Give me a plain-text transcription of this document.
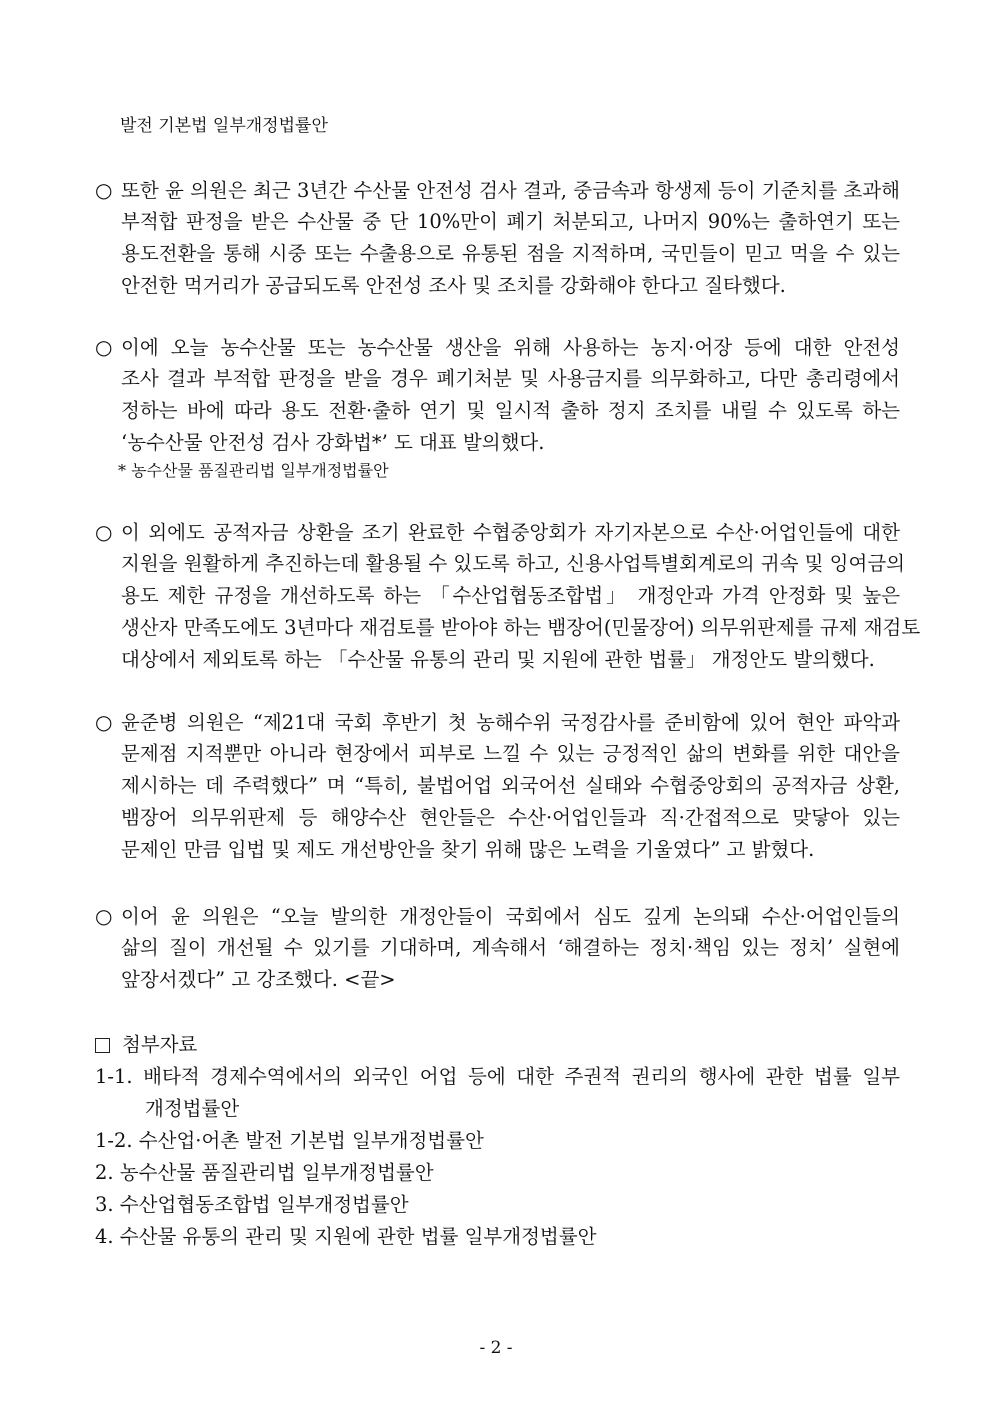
발전 기본법 일부개정법률안
○ 또한 윤 의원은 최근 3년간 수산물 안전성 검사 결과, 중금속과 항생제 등이 기준치를 초과해
부적합 판정을 받은 수산물 중 단 10%만이 폐기 처분되고, 나머지 90%는 출하연기 또는
용도전환을 통해 시중 또는 수출용으로 유통된 점을 지적하며, 국민들이 믿고 먹을 수 있는
안전한 먹거리가 공급되도록 안전성 조사 및 조치를 강화해야 한다고 질타했다.
○ 이에 오늘 농수산물 또는 농수산물 생산을 위해 사용하는 농지·어장 등에 대한 안전성
조사 결과 부적합 판정을 받을 경우 폐기처분 및 사용금지를 의무화하고, 다만 총리령에서
정하는 바에 따라 용도 전환·출하 연기 및 일시적 출하 정지 조치를 내릴 수 있도록 하는
‘농수산물 안전성 검사 강화법*’ 도 대표 발의했다.
* 농수산물 품질관리법 일부개정법률안
○ 이 외에도 공적자금 상환을 조기 완료한 수협중앙회가 자기자본으로 수산·어업인들에 대한
지원을 원활하게 추진하는데 활용될 수 있도록 하고, 신용사업특별회계로의 귀속 및 잉여금의
용도 제한 규정을 개선하도록 하는 「수산업협동조합법」 개정안과 가격 안정화 및 높은
생산자 만족도에도 3년마다 재검토를 받아야 하는 뱀장어(민물장어) 의무위판제를 규제 재검토
대상에서 제외토록 하는 「수산물 유통의 관리 및 지원에 관한 법률」 개정안도 발의했다.
○ 윤준병 의원은 “제21대 국회 후반기 첫 농해수위 국정감사를 준비함에 있어 현안 파악과
문제점 지적뿐만 아니라 현장에서 피부로 느낄 수 있는 긍정적인 삶의 변화를 위한 대안을
제시하는 데 주력했다” 며 “특히, 불법어업 외국어선 실태와 수협중앙회의 공적자금 상환,
뱀장어 의무위판제 등 해양수산 현안들은 수산·어업인들과 직·간접적으로 맞닿아 있는
문제인 만큼 입법 및 제도 개선방안을 찾기 위해 많은 노력을 기울였다” 고 밝혔다.
○ 이어 윤 의원은 “오늘 발의한 개정안들이 국회에서 심도 깊게 논의돼 수산·어업인들의
삶의 질이 개선될 수 있기를 기대하며, 계속해서 ‘해결하는 정치·책임 있는 정치’ 실현에
앞장서겠다” 고 강조했다. <끝>
첨부자료
1-1. 배타적 경제수역에서의 외국인 어업 등에 대한 주권적 권리의 행사에 관한 법률 일부
개정법률안
1-2. 수산업·어촌 발전 기본법 일부개정법률안
2. 농수산물 품질관리법 일부개정법률안
3. 수산업협동조합법 일부개정법률안
4. 수산물 유통의 관리 및 지원에 관한 법률 일부개정법률안
- 2 -
